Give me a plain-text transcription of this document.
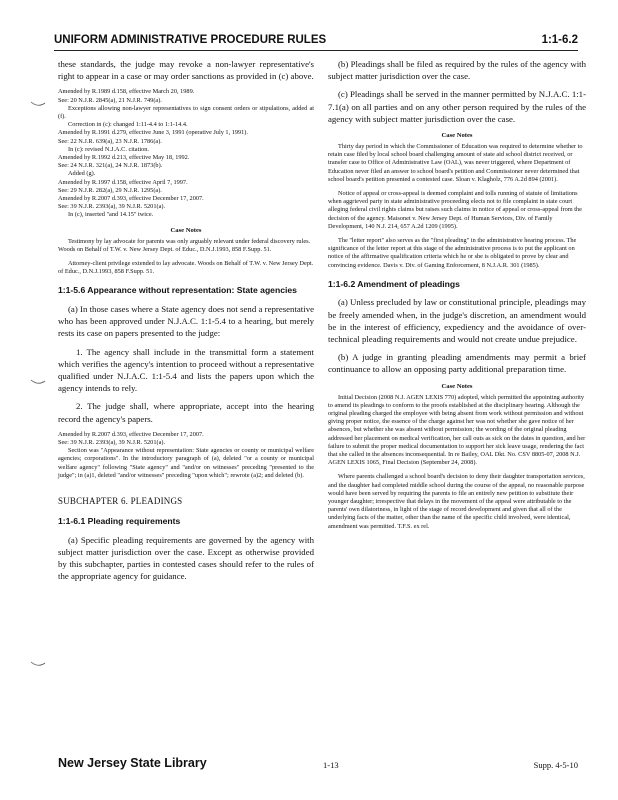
UNIFORM ADMINISTRATIVE PROCEDURE RULES	1:1-6.2

these standards, the judge may revoke a non-lawyer representative's right to appear in a case or may order sanctions as provided in (c) above.

Amended by R.1989 d.158, effective March 20, 1989.

See: 20 N.J.R. 2845(a), 21 N.J.R. 749(a).

Exceptions allowing non-lawyer representatives to sign consent orders or stipulations, added at (f).

Correction in (c): changed 1:11-4.4 to 1:1-14.4.

Amended by R.1991 d.279, effective June 3, 1991 (operative July 1, 1991).

See: 22 N.J.R. 639(a), 23 N.J.R. 1786(a).

In (c): revised N.J.A.C. citation.

Amended by R.1992 d.213, effective May 18, 1992.

See: 24 N.J.R. 321(a), 24 N.J.R. 1873(b).

Added (g).

Amended by R.1997 d.158, effective April 7, 1997.

See: 29 N.J.R. 282(a), 29 N.J.R. 1295(a).

Amended by R.2007 d.393, effective December 17, 2007.

See: 39 N.J.R. 2393(a), 39 N.J.R. 5201(a).

In (c), inserted "and 14.15" twice.

Case Notes

Testimony by lay advocate for parents was only arguably relevant under federal discovery rules. Woods on Behalf of T.W. v. New Jersey Dept. of Educ., D.N.J.1993, 858 F.Supp. 51.

Attorney-client privilege extended to lay advocate. Woods on Behalf of T.W. v. New Jersey Dept. of Educ., D.N.J.1993, 858 F.Supp. 51.

1:1-5.6 Appearance without representation: State agencies

(a) In those cases where a State agency does not send a representative who has been approved under N.J.A.C. 1:1-5.4 to a hearing, but merely rests its case on papers presented to the judge:

1. The agency shall include in the transmittal form a statement which verifies the agency's intention to proceed without a representative qualified under N.J.A.C. 1:1-5.4 and lists the papers upon which the agency intends to rely.

2. The judge shall, where appropriate, accept into the hearing record the agency's papers.

Amended by R.2007 d.393, effective December 17, 2007.

See: 39 N.J.R. 2393(a), 39 N.J.R. 5201(a).

Section was "Appearance without representation: State agencies or county or municipal welfare agencies; corporations". In the introductory paragraph of (a), deleted "or a county or municipal welfare agency" following "State agency" and "and/or on witnesses" preceding "presented to the judge"; in (a)1, deleted "and/or witnesses" preceding "upon which"; rewrote (a)2; and deleted (b).

SUBCHAPTER 6. PLEADINGS

1:1-6.1 Pleading requirements

(a) Specific pleading requirements are governed by the agency with subject matter jurisdiction over the case. Except as otherwise provided by this subchapter, parties in contested cases should refer to the rules of the appropriate agency for guidance.

(b) Pleadings shall be filed as required by the rules of the agency with subject matter jurisdiction over the case.

(c) Pleadings shall be served in the manner permitted by N.J.A.C. 1:1-7.1(a) on all parties and on any other person required by the rules of the agency with subject matter jurisdiction over the case.

Case Notes

Thirty day period in which the Commissioner of Education was required to determine whether to retain case filed by local school board challenging amount of state aid school district received, or transfer case to Office of Administrative Law (OAL), was never triggered, where Department of Education never filed an answer to school board's petition and Commissioner never determined that school board's petition presented a contested case. Sloan v. Klagholz, 776 A.2d 894 (2001).

Notice of appeal or cross-appeal is deemed complaint and tolls running of statute of limitations when aggrieved party in state administrative proceeding elects not to file complaint in state court alleging federal civil rights claims but raises such claims in notice of appeal or cross-appeal from the decision of the agency. Maisonet v. New Jersey Dept. of Human Services, Div. of Family Development, 140 N.J. 214, 657 A.2d 1209 (1995).

The "letter report" also serves as the "first pleading" in the administrative hearing process. The significance of the letter report at this stage of the administrative process is to put the applicant on notice of the affirmative qualification criteria which he or she is obligated to prove by clear and convincing evidence. Davis v. Div. of Gaming Enforcement, 8 N.J.A.R. 301 (1985).

1:1-6.2 Amendment of pleadings

(a) Unless precluded by law or constitutional principle, pleadings may be freely amended when, in the judge's discretion, an amendment would be in the interest of efficiency, expediency and the avoidance of over-technical pleading requirements and would not create undue prejudice.

(b) A judge in granting pleading amendments may permit a brief continuance to allow an opposing party additional preparation time.

Case Notes

Initial Decision (2008 N.J. AGEN LEXIS 770) adopted, which permitted the appointing authority to amend its pleadings to conform to the proofs established at the disciplinary hearing. Although the original pleading charged the employee with being absent from work without permission and without giving proper notice, the essence of the charge against her was not whether she gave notice of her absences, but whether she was absent without permission; the wording of the original pleading addressed her placement on medical verification, her call outs as sick on the dates in question, and her failure to submit the proper medical documentation to support her sick leave usage, rendering the fact that she called in the absences inconsequential. In re Bailey, OAL Dkt. No. CSV 8805-07, 2008 N.J. AGEN LEXIS 1065, Final Decision (September 24, 2008).

Where parents challenged a school board's decision to deny their daughter transportation services, and the daughter had completed middle school during the course of the appeal, no reasonable purpose would have been served by requiring the parents to file an entirely new petition to substitute their younger daughter; irrespective that delays in the movement of the appeal were attributable to the parents' own dilatoriness, in light of the stage of record development and given that all of the underlying facts of the matter, other than the name of the specific child involved, were identical, amendment was permitted. T.F.S. ex rel.

New Jersey State Library	1-13	Supp. 4-5-10
